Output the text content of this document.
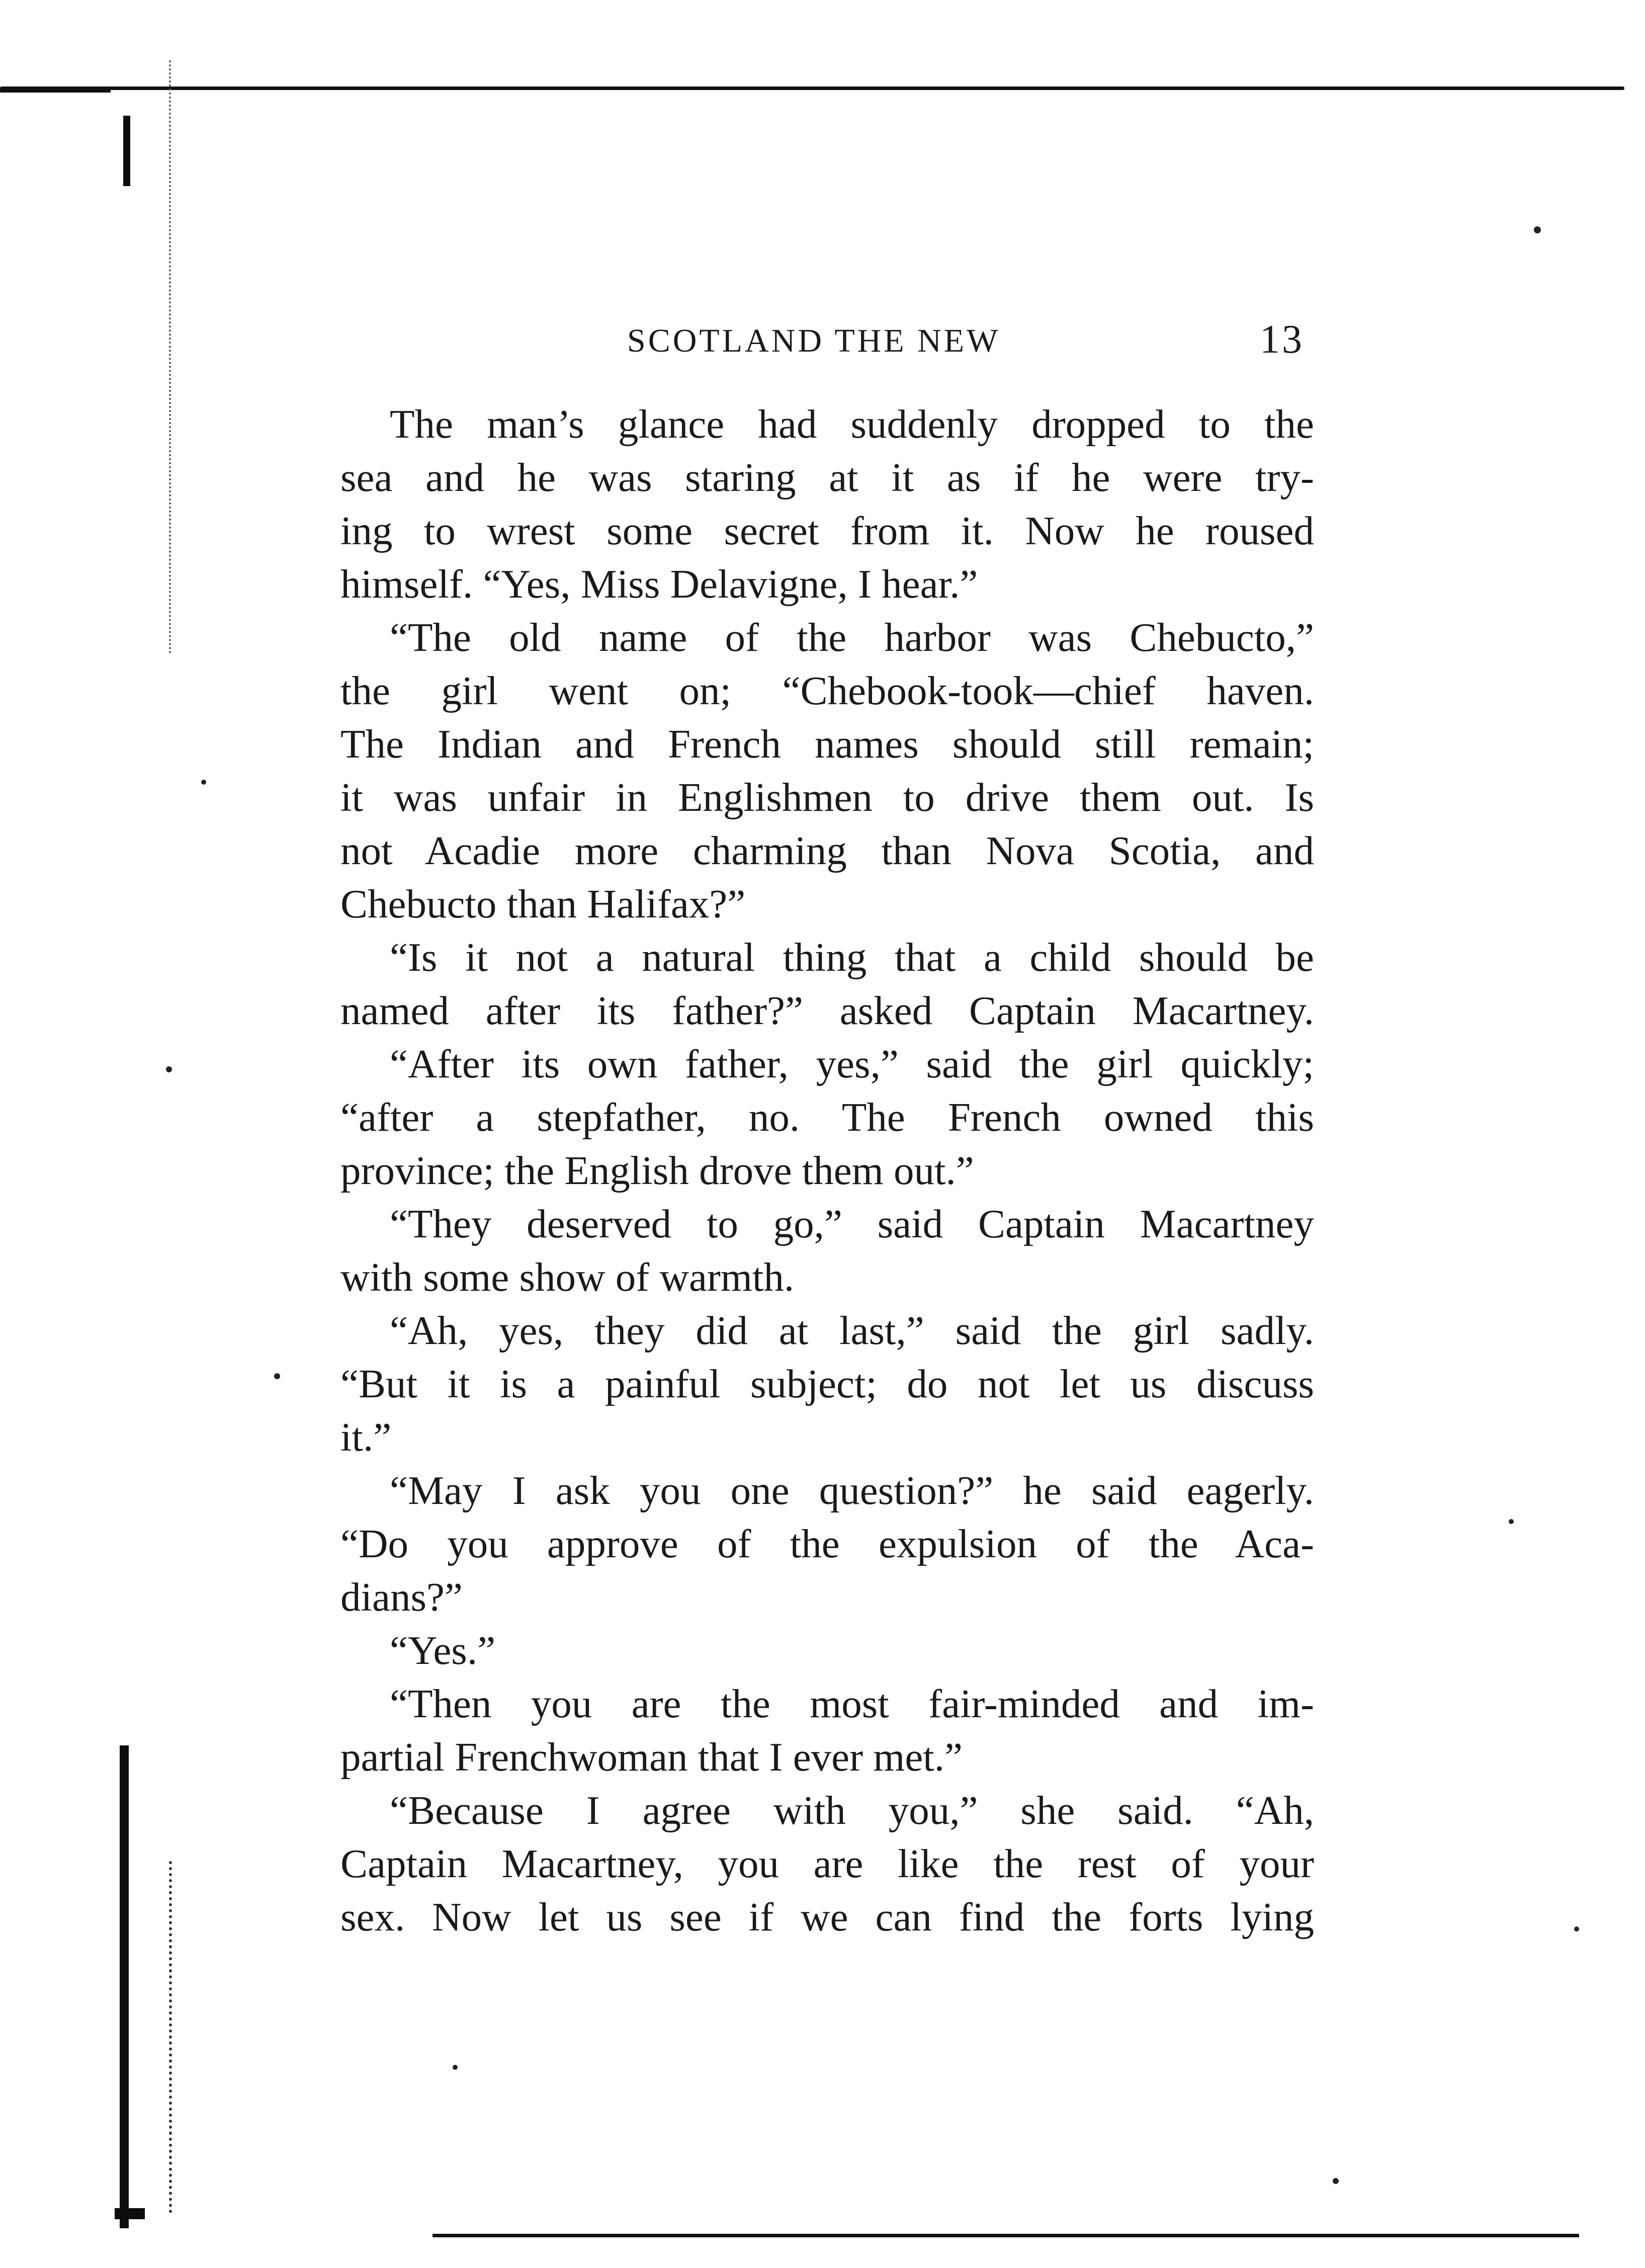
SCOTLAND THE NEW	13
The man’s glance had suddenly dropped to the
sea and he was staring at it as if he were try-
ing to wrest some secret from it. Now he roused
himself. “Yes, Miss Delavigne, I hear.”
“The old name of the harbor was Chebucto,”
the girl went on; “Chebook-took—chief haven.
The Indian and French names should still remain;
it was unfair in Englishmen to drive them out. Is
not Acadie more charming than Nova Scotia, and
Chebucto than Halifax?”
“Is it not a natural thing that a child should be
named after its father?” asked Captain Macartney.
“After its own father, yes,” said the girl quickly;
“after a stepfather, no. The French owned this
province; the English drove them out.”
“They deserved to go,” said Captain Macartney
with some show of warmth.
“Ah, yes, they did at last,” said the girl sadly.
“But it is a painful subject; do not let us discuss
it.”
“May I ask you one question?” he said eagerly.
“Do you approve of the expulsion of the Aca-
dians?”
“Yes.”
“Then you are the most fair-minded and im-
partial Frenchwoman that I ever met.”
“Because I agree with you,” she said. “Ah,
Captain Macartney, you are like the rest of your
sex. Now let us see if we can find the forts lying
